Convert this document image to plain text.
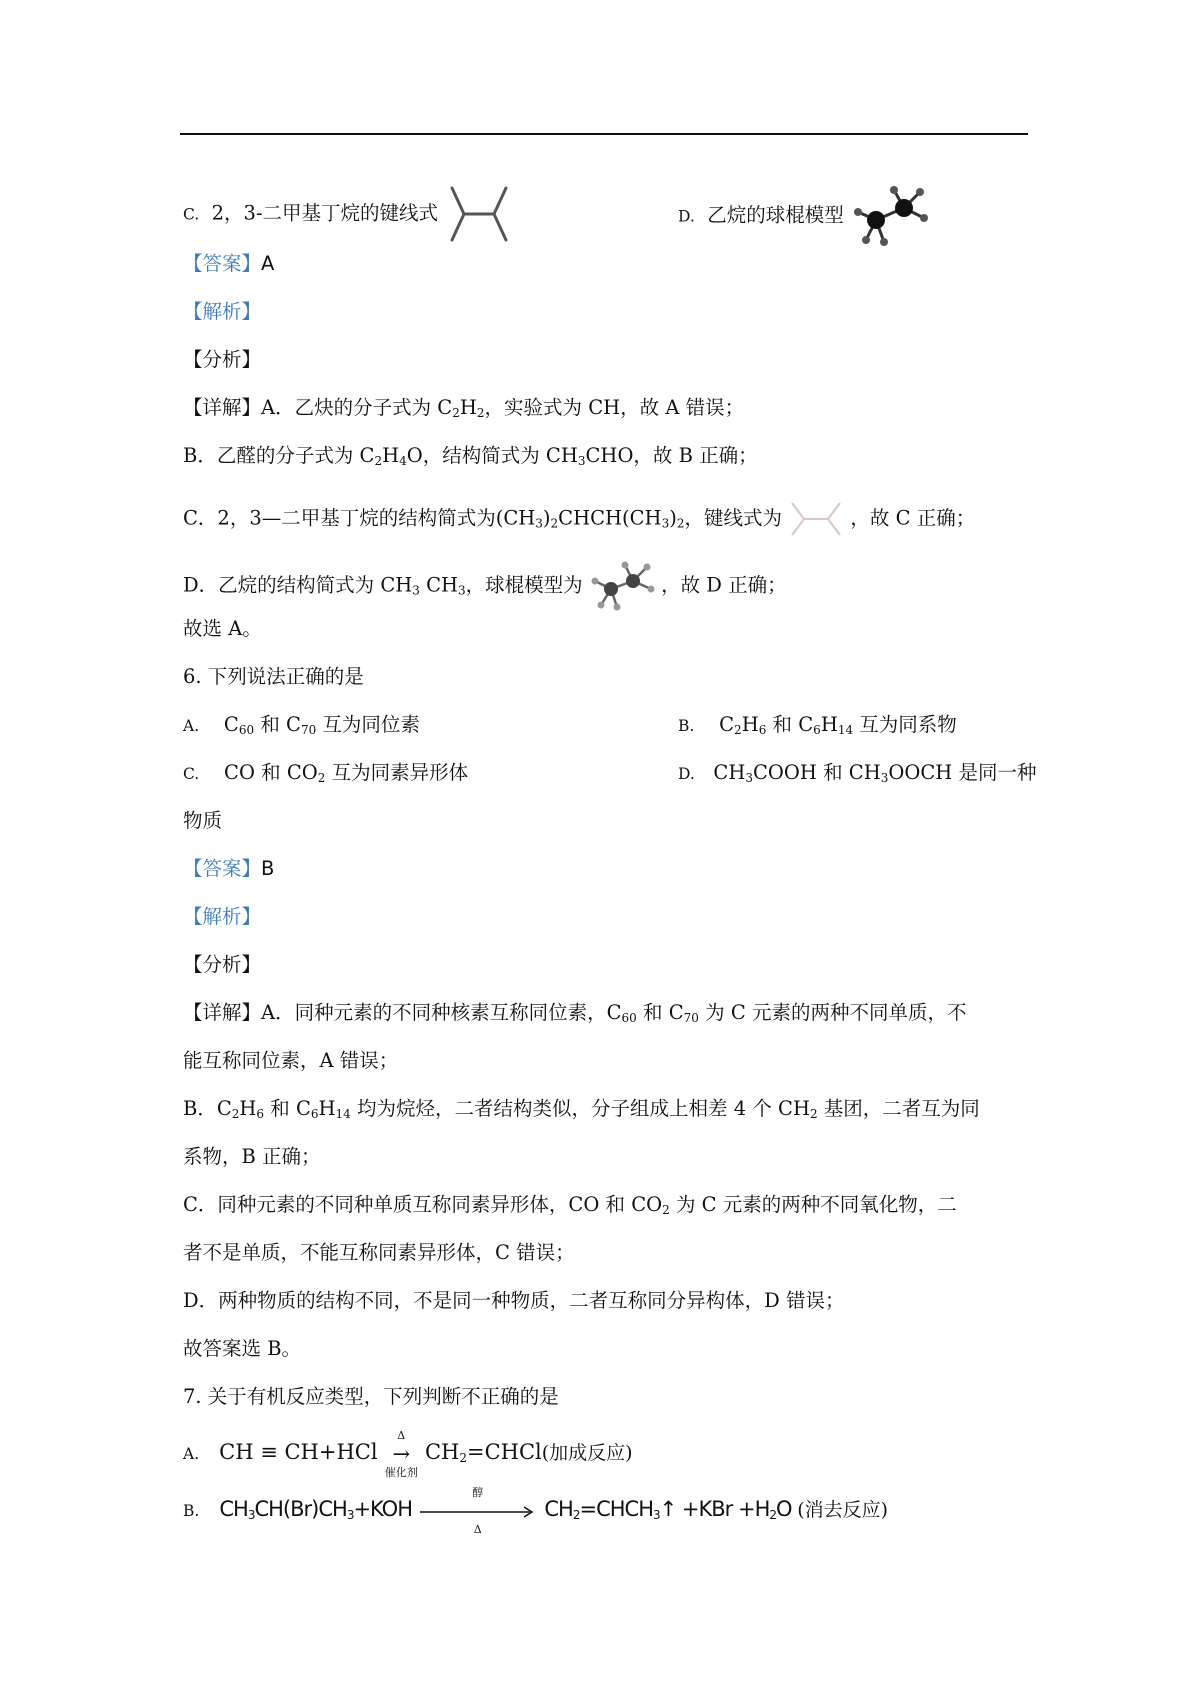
C. 2，3-二甲基丁烷的键线式	D. 乙烷的球棍模型
【答案】A
【解析】
【分析】
【详解】A．乙炔的分子式为 $C_2H_2$，实验式为 CH，故 A 错误；
B．乙醛的分子式为 $C_2H_4O$，结构简式为 $CH_3CHO$，故 B 正确；
C．2，3—二甲基丁烷的结构简式为$(CH_3)_2CHCH(CH_3)_2$，键线式为	，故 C 正确；
D．乙烷的结构简式为 $CH_3$ $CH_3$，球棍模型为	，故 D 正确；
故选 A。
6. 下列说法正确的是
A. $C_{60}$ 和 $C_{70}$ 互为同位素	B. $C_2H_6$ 和 $C_6H_{14}$ 互为同系物
C. CO 和 $CO_2$ 互为同素异形体	D. $CH_3COOH$ 和 $CH_3OOCH$ 是同一种
物质
【答案】B
【解析】
【分析】
【详解】A．同种元素的不同种核素互称同位素，$C_{60}$ 和 $C_{70}$ 为 C 元素的两种不同单质，不
能互称同位素，A 错误；
B．$C_2H_6$ 和 $C_6H_{14}$ 均为烷烃，二者结构类似，分子组成上相差 4 个 $CH_2$ 基团，二者互为同
系物，B 正确；
C．同种元素的不同种单质互称同素异形体，CO 和 $CO_2$ 为 C 元素的两种不同氧化物，二
者不是单质，不能互称同素异形体，C 错误；
D．两种物质的结构不同，不是同一种物质，二者互称同分异构体，D 错误；
故答案选 B。
7. 关于有机反应类型，下列判断不正确的是
A. CH ≡ CH+HCl
Δ
→
催化剂
$CH_2=CHCl$(加成反应)
B. $CH_3CH(Br)CH_3+KOH$
醇
Δ
$CH_2=CHCH_3↑ +KBr +H_2O$ (消去反应)
